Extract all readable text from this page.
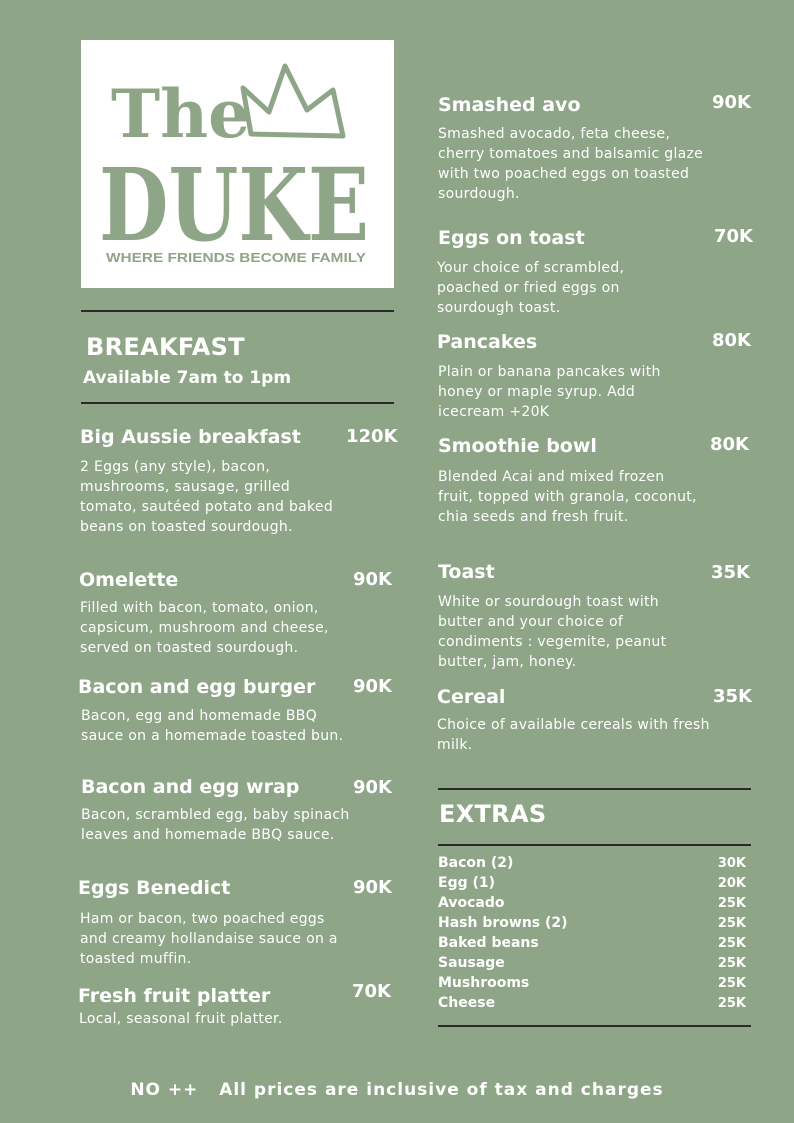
The
DUKE
WHERE FRIENDS BECOME FAMILY
BREAKFAST
Available 7am to 1pm
Big Aussie breakfast	120K
2 Eggs (any style), bacon, mushrooms, sausage, grilled tomato, sautéed potato and baked beans on toasted sourdough.
Omelette	90K
Filled with bacon, tomato, onion, capsicum, mushroom and cheese, served on toasted sourdough.
Bacon and egg burger 90K
Bacon, egg and homemade BBQ sauce on a homemade toasted bun.
Bacon and egg wrap	90K
Bacon, scrambled egg, baby spinach leaves and homemade BBQ sauce.
Eggs Benedict	90K
Ham or bacon, two poached eggs and creamy hollandaise sauce on a toasted muffin.
Fresh fruit platter	70K
Local, seasonal fruit platter.
Smashed avo	90K
Smashed avocado, feta cheese, cherry tomatoes and balsamic glaze with two poached eggs on toasted sourdough.
Eggs on toast	70K
Your choice of scrambled, poached or fried eggs on sourdough toast.
Pancakes	80K
Plain or banana pancakes with honey or maple syrup. Add icecream +20K
Smoothie bowl	80K
Blended Acai and mixed frozen fruit, topped with granola, coconut, chia seeds and fresh fruit.
Toast	35K
White or sourdough toast with butter and your choice of condiments : vegemite, peanut butter, jam, honey.
Cereal	35K
Choice of available cereals with fresh milk.
EXTRAS
Bacon (2)	30K
Egg (1)	20K
Avocado	25K
Hash browns (2)	25K
Baked beans	25K
Sausage	25K
Mushrooms	25K
Cheese	25K
NO ++ All prices are inclusive of tax and charges
